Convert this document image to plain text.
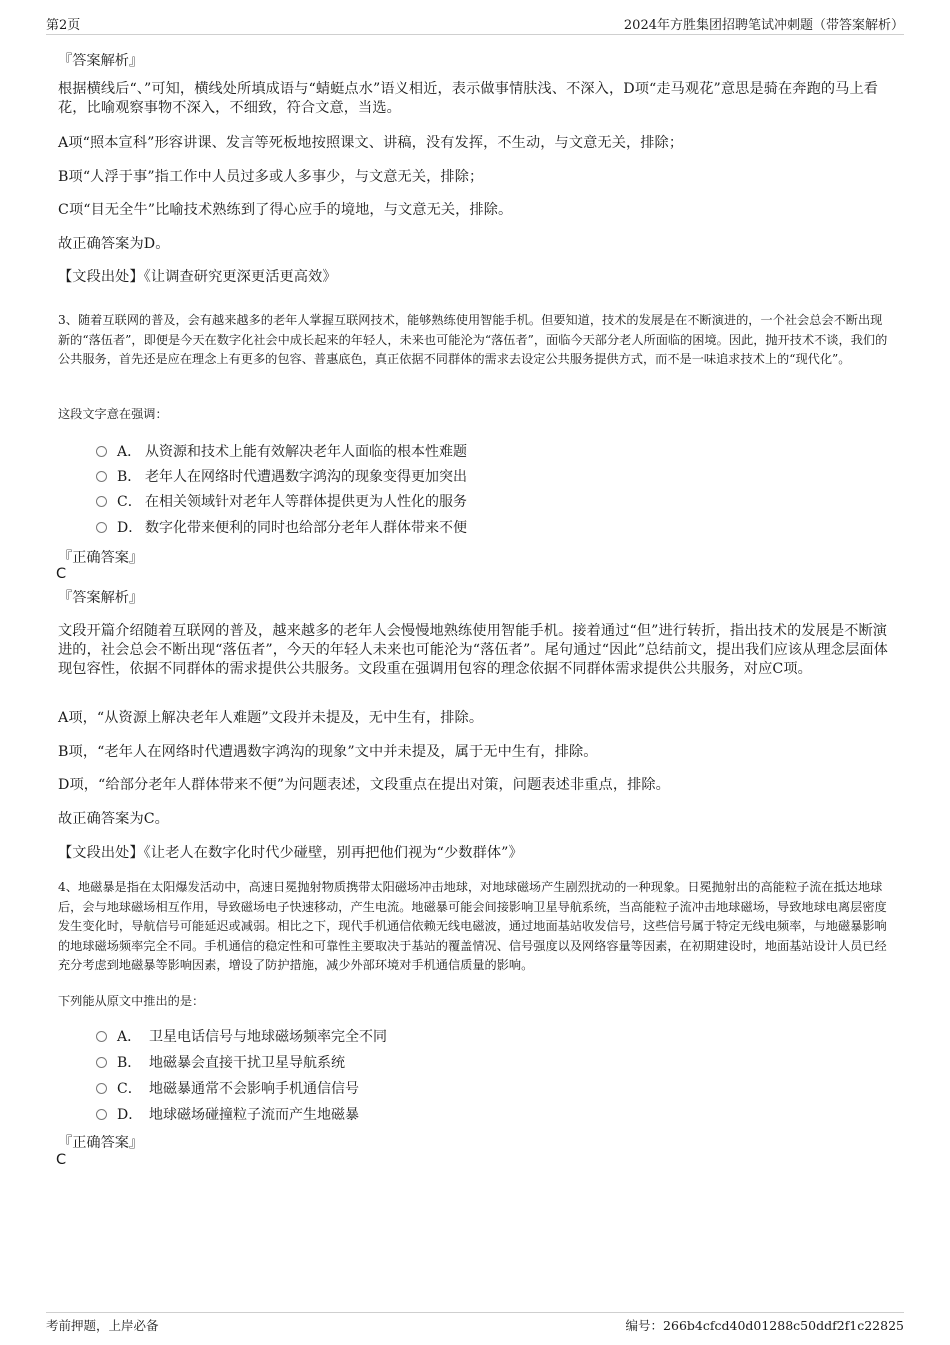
第2页	2024年方胜集团招聘笔试冲刺题（带答案解析）
『答案解析』
根据横线后“、”可知，横线处所填成语与“蜻蜓点水”语义相近，表示做事情肤浅、不深入，D项“走马观花”意思是骑在奔跑的马上看花，比喻观察事物不深入，不细致，符合文意，当选。
A项“照本宣科”形容讲课、发言等死板地按照课文、讲稿，没有发挥，不生动，与文意无关，排除；
B项“人浮于事”指工作中人员过多或人多事少，与文意无关，排除；
C项“目无全牛”比喻技术熟练到了得心应手的境地，与文意无关，排除。
故正确答案为D。
【文段出处】《让调查研究更深更活更高效》
3、随着互联网的普及，会有越来越多的老年人掌握互联网技术，能够熟练使用智能手机。但要知道，技术的发展是在不断演进的，一个社会总会不断出现新的“落伍者”，即便是今天在数字化社会中成长起来的年轻人，未来也可能沦为“落伍者”，面临今天部分老人所面临的困境。因此，抛开技术不谈，我们的公共服务，首先还是应在理念上有更多的包容、普惠底色，真正依据不同群体的需求去设定公共服务提供方式，而不是一味追求技术上的“现代化”。
这段文字意在强调：
A． 从资源和技术上能有效解决老年人面临的根本性难题
B． 老年人在网络时代遭遇数字鸿沟的现象变得更加突出
C． 在相关领域针对老年人等群体提供更为人性化的服务
D． 数字化带来便利的同时也给部分老年人群体带来不便
『正确答案』
C
『答案解析』
文段开篇介绍随着互联网的普及，越来越多的老年人会慢慢地熟练使用智能手机。接着通过“但”进行转折，指出技术的发展是不断演进的，社会总会不断出现“落伍者”，今天的年轻人未来也可能沦为“落伍者”。尾句通过“因此”总结前文，提出我们应该从理念层面体现包容性，依据不同群体的需求提供公共服务。文段重在强调用包容的理念依据不同群体需求提供公共服务，对应C项。
A项，“从资源上解决老年人难题”文段并未提及，无中生有，排除。
B项，“老年人在网络时代遭遇数字鸿沟的现象”文中并未提及，属于无中生有，排除。
D项，“给部分老年人群体带来不便”为问题表述，文段重点在提出对策，问题表述非重点，排除。
故正确答案为C。
【文段出处】《让老人在数字化时代少碰壁，别再把他们视为“少数群体”》
4、地磁暴是指在太阳爆发活动中，高速日冕抛射物质携带太阳磁场冲击地球，对地球磁场产生剧烈扰动的一种现象。日冕抛射出的高能粒子流在抵达地球后，会与地球磁场相互作用，导致磁场电子快速移动，产生电流。地磁暴可能会间接影响卫星导航系统，当高能粒子流冲击地球磁场，导致地球电离层密度发生变化时，导航信号可能延迟或减弱。相比之下，现代手机通信依赖无线电磁波，通过地面基站收发信号，这些信号属于特定无线电频率，与地磁暴影响的地球磁场频率完全不同。手机通信的稳定性和可靠性主要取决于基站的覆盖情况、信号强度以及网络容量等因素，在初期建设时，地面基站设计人员已经充分考虑到地磁暴等影响因素，增设了防护措施，减少外部环境对手机通信质量的影响。
下列能从原文中推出的是：
A． 卫星电话信号与地球磁场频率完全不同
B． 地磁暴会直接干扰卫星导航系统
C． 地磁暴通常不会影响手机通信信号
D． 地球磁场碰撞粒子流而产生地磁暴
『正确答案』
C
考前押题，上岸必备	编号：266b4cfcd40d01288c50ddf2f1c22825
